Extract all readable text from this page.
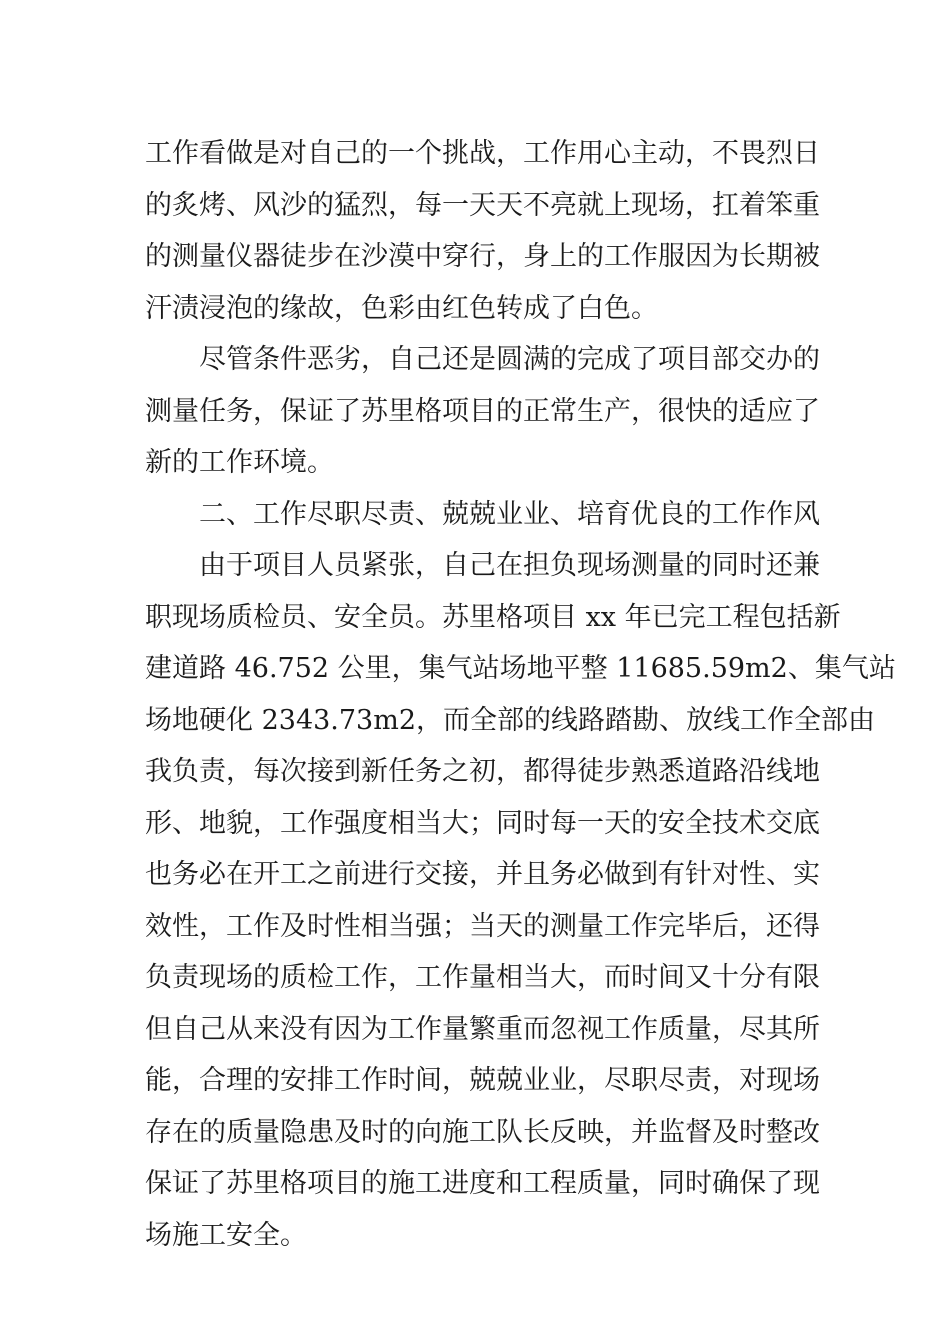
工作看做是对自己的一个挑战，工作用心主动，不畏烈日
的炙烤、风沙的猛烈，每一天天不亮就上现场，扛着笨重
的测量仪器徒步在沙漠中穿行，身上的工作服因为长期被
汗渍浸泡的缘故，色彩由红色转成了白色。
尽管条件恶劣，自己还是圆满的完成了项目部交办的
测量任务，保证了苏里格项目的正常生产，很快的适应了
新的工作环境。
二、工作尽职尽责、兢兢业业、培育优良的工作作风
由于项目人员紧张，自己在担负现场测量的同时还兼
职现场质检员、安全员。苏里格项目 xx 年已完工程包括新
建道路 46.752 公里，集气站场地平整 11685.59m2、集气站
场地硬化 2343.73m2，而全部的线路踏勘、放线工作全部由
我负责，每次接到新任务之初，都得徒步熟悉道路沿线地
形、地貌，工作强度相当大；同时每一天的安全技术交底
也务必在开工之前进行交接，并且务必做到有针对性、实
效性，工作及时性相当强；当天的测量工作完毕后，还得
负责现场的质检工作，工作量相当大，而时间又十分有限
但自己从来没有因为工作量繁重而忽视工作质量，尽其所
能，合理的安排工作时间，兢兢业业，尽职尽责，对现场
存在的质量隐患及时的向施工队长反映，并监督及时整改
保证了苏里格项目的施工进度和工程质量，同时确保了现
场施工安全。
